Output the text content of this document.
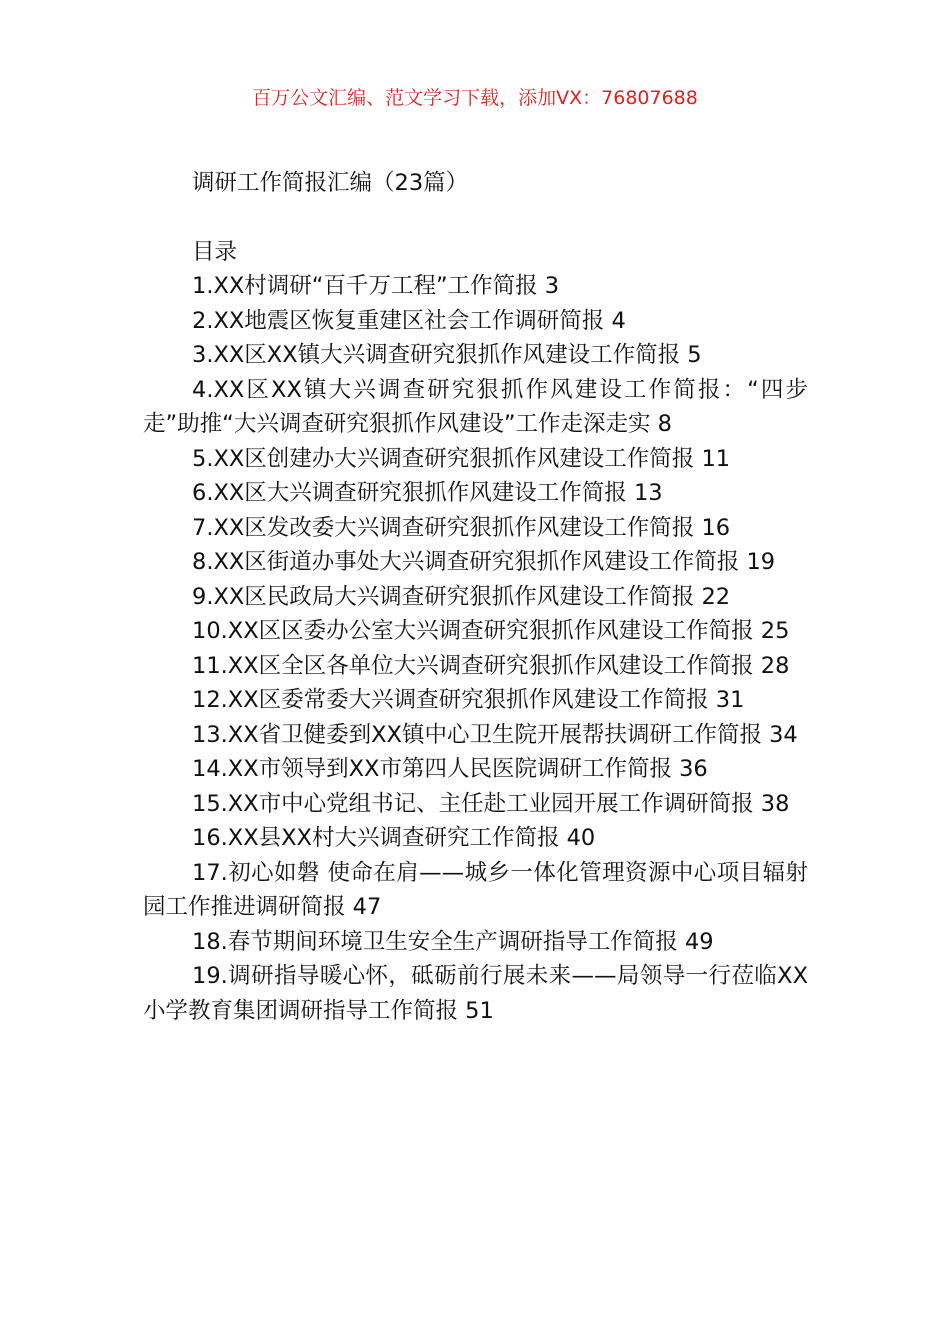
百万公文汇编、范文学习下载，添加VX：76807688
调研工作简报汇编（23篇）
目录
1.XX村调研“百千万工程”工作简报 3
2.XX地震区恢复重建区社会工作调研简报 4
3.XX区XX镇大兴调查研究狠抓作风建设工作简报 5
4.XX区XX镇大兴调查研究狠抓作风建设工作简报：“四步走”助推“大兴调查研究狠抓作风建设”工作走深走实 8
5.XX区创建办大兴调查研究狠抓作风建设工作简报 11
6.XX区大兴调查研究狠抓作风建设工作简报 13
7.XX区发改委大兴调查研究狠抓作风建设工作简报 16
8.XX区街道办事处大兴调查研究狠抓作风建设工作简报 19
9.XX区民政局大兴调查研究狠抓作风建设工作简报 22
10.XX区区委办公室大兴调查研究狠抓作风建设工作简报 25
11.XX区全区各单位大兴调查研究狠抓作风建设工作简报 28
12.XX区委常委大兴调查研究狠抓作风建设工作简报 31
13.XX省卫健委到XX镇中心卫生院开展帮扶调研工作简报 34
14.XX市领导到XX市第四人民医院调研工作简报 36
15.XX市中心党组书记、主任赴工业园开展工作调研简报 38
16.XX县XX村大兴调查研究工作简报 40
17.初心如磐 使命在肩——城乡一体化管理资源中心项目辐射园工作推进调研简报 47
18.春节期间环境卫生安全生产调研指导工作简报 49
19.调研指导暖心怀，砥砺前行展未来——局领导一行莅临XX小学教育集团调研指导工作简报 51
